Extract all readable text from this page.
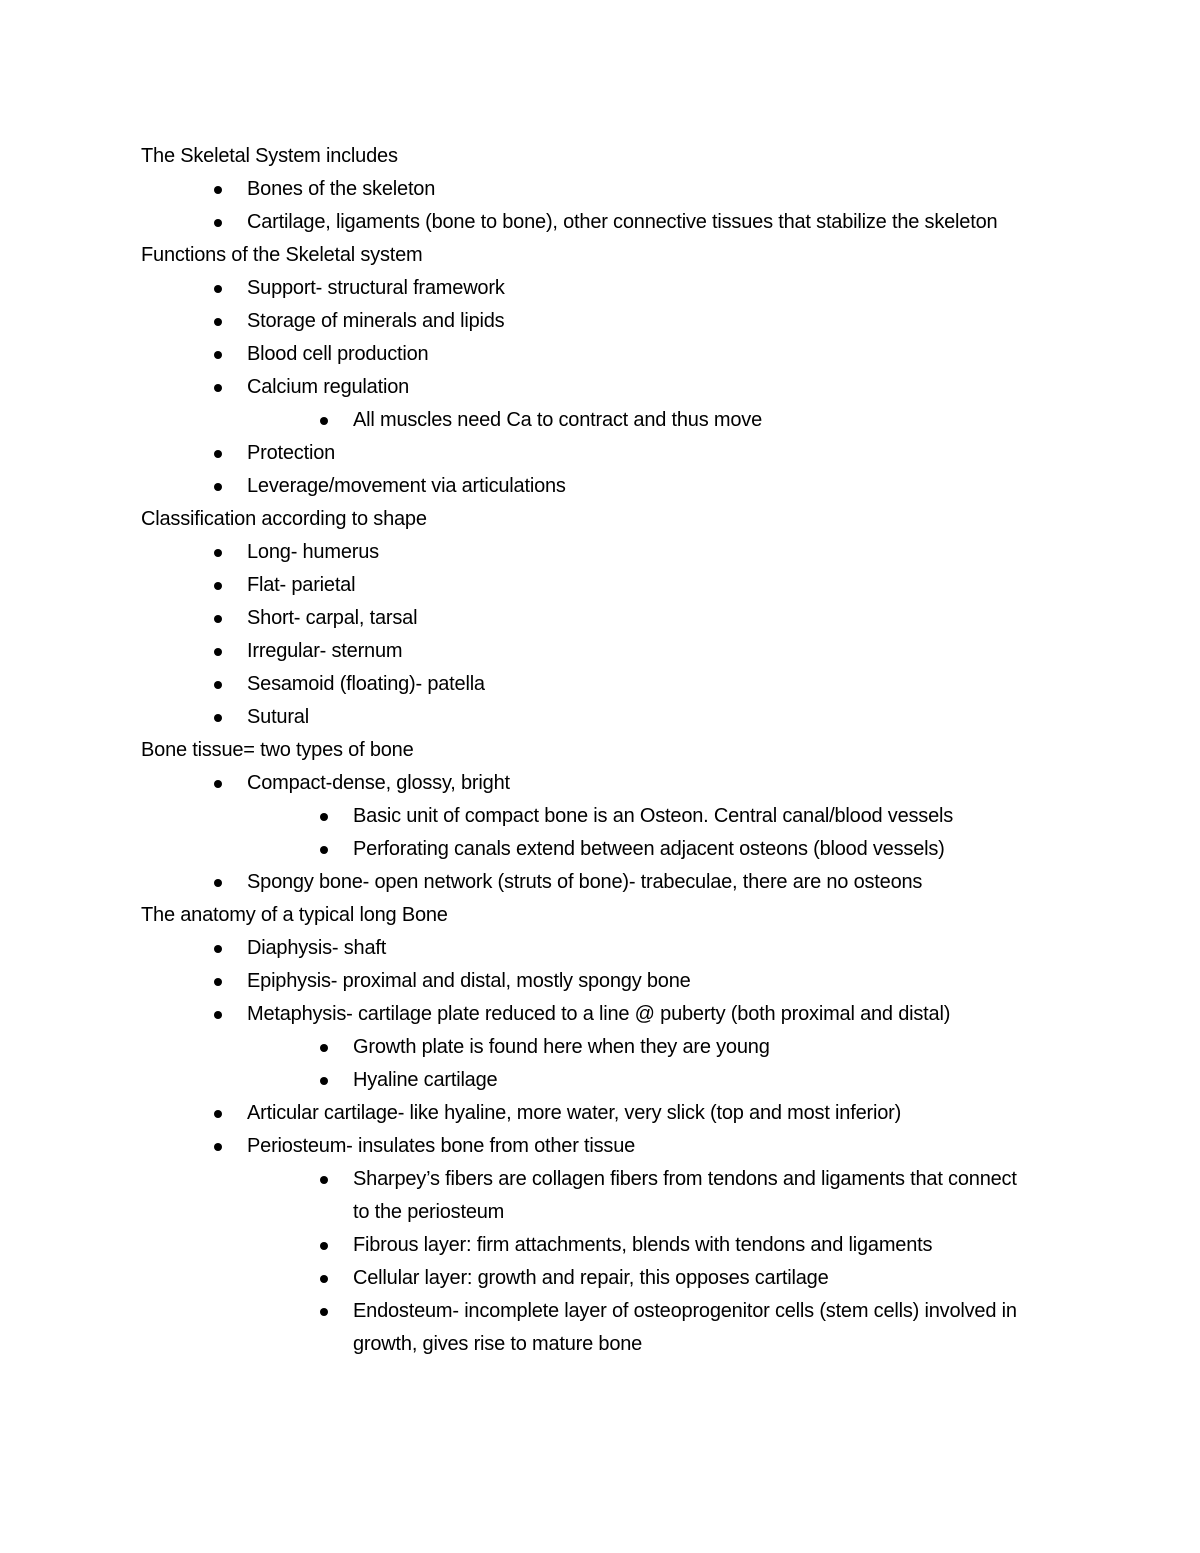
The Skeletal System includes
Bones of the skeleton
Cartilage, ligaments (bone to bone), other connective tissues that stabilize the skeleton
Functions of the Skeletal system
Support- structural framework
Storage of minerals and lipids
Blood cell production
Calcium regulation
All muscles need Ca to contract and thus move
Protection
Leverage/movement via articulations
Classification according to shape
Long- humerus
Flat- parietal
Short- carpal, tarsal
Irregular- sternum
Sesamoid (floating)- patella
Sutural
Bone tissue= two types of bone
Compact-dense, glossy, bright
Basic unit of compact bone is an Osteon. Central canal/blood vessels
Perforating canals extend between adjacent osteons (blood vessels)
Spongy bone- open network (struts of bone)- trabeculae, there are no osteons
The anatomy of a typical long Bone
Diaphysis- shaft
Epiphysis- proximal and distal, mostly spongy bone
Metaphysis- cartilage plate reduced to a line @ puberty (both proximal and distal)
Growth plate is found here when they are young
Hyaline cartilage
Articular cartilage- like hyaline, more water, very slick (top and most inferior)
Periosteum- insulates bone from other tissue
Sharpey’s fibers are collagen fibers from tendons and ligaments that connect to the periosteum
Fibrous layer: firm attachments, blends with tendons and ligaments
Cellular layer: growth and repair, this opposes cartilage
Endosteum- incomplete layer of osteoprogenitor cells (stem cells) involved in growth, gives rise to mature bone
